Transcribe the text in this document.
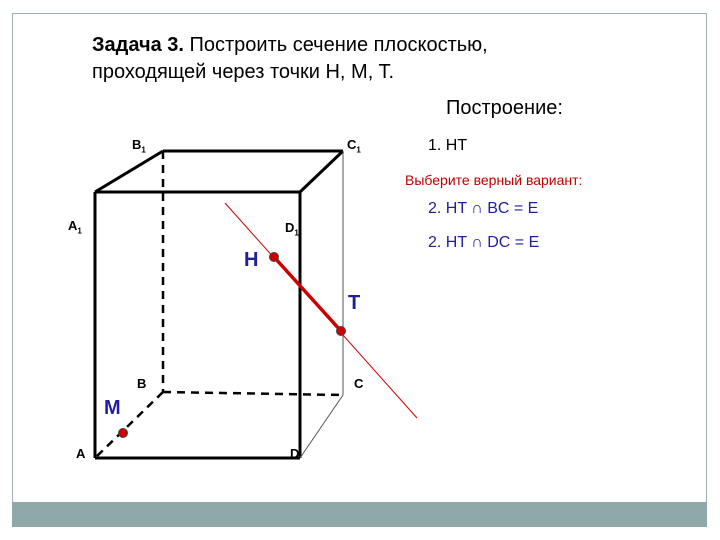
Задача 3. Построить сечение плоскостью,
проходящей через точки H, M, T.
Построение:
1. HT
Выберите верный вариант:
2. HT ∩ BC = E
2. HT ∩ DC = E
A
B	C
D
$A_1$
$B_1$	$C_1$
$D_1$
H
T
M
